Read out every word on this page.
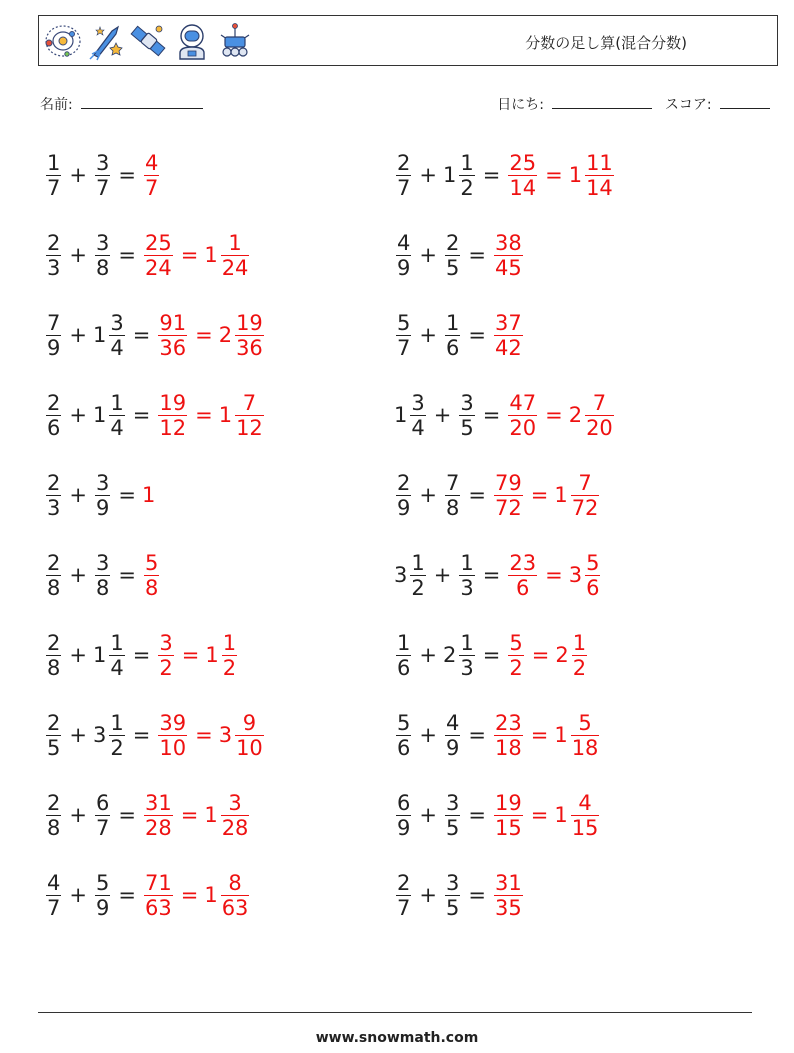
分数の足し算(混合分数)
名前:	日にち:	スコア:
$\frac{1}{7} + \frac{3}{7} = \frac{4}{7}$	$\frac{2}{7} + 1 \frac{1}{2} = \frac{25}{14} = 1 \frac{11}{14}$
$\frac{2}{3} + \frac{3}{8} = \frac{25}{24} = 1 \frac{1}{24}$	$\frac{4}{9} + \frac{2}{5} = \frac{38}{45}$
$\frac{7}{9} + 1 \frac{3}{4} = \frac{91}{36} = 2 \frac{19}{36}$	$\frac{5}{7} + \frac{1}{6} = \frac{37}{42}$
$\frac{2}{6} + 1 \frac{1}{4} = \frac{19}{12} = 1 \frac{7}{12}$	$1 \frac{3}{4} + \frac{3}{5} = \frac{47}{20} = 2 \frac{7}{20}$
$\frac{2}{3} + \frac{3}{9} = 1$	$\frac{2}{9} + \frac{7}{8} = \frac{79}{72} = 1 \frac{7}{72}$
$\frac{2}{8} + \frac{3}{8} = \frac{5}{8}$	$3 \frac{1}{2} + \frac{1}{3} = \frac{23}{6} = 3 \frac{5}{6}$
$\frac{2}{8} + 1 \frac{1}{4} = \frac{3}{2} = 1 \frac{1}{2}$	$\frac{1}{6} + 2 \frac{1}{3} = \frac{5}{2} = 2 \frac{1}{2}$
$\frac{2}{5} + 3 \frac{1}{2} = \frac{39}{10} = 3 \frac{9}{10}$	$\frac{5}{6} + \frac{4}{9} = \frac{23}{18} = 1 \frac{5}{18}$
$\frac{2}{8} + \frac{6}{7} = \frac{31}{28} = 1 \frac{3}{28}$	$\frac{6}{9} + \frac{3}{5} = \frac{19}{15} = 1 \frac{4}{15}$
$\frac{4}{7} + \frac{5}{9} = \frac{71}{63} = 1 \frac{8}{63}$	$\frac{2}{7} + \frac{3}{5} = \frac{31}{35}$
www.snowmath.com
